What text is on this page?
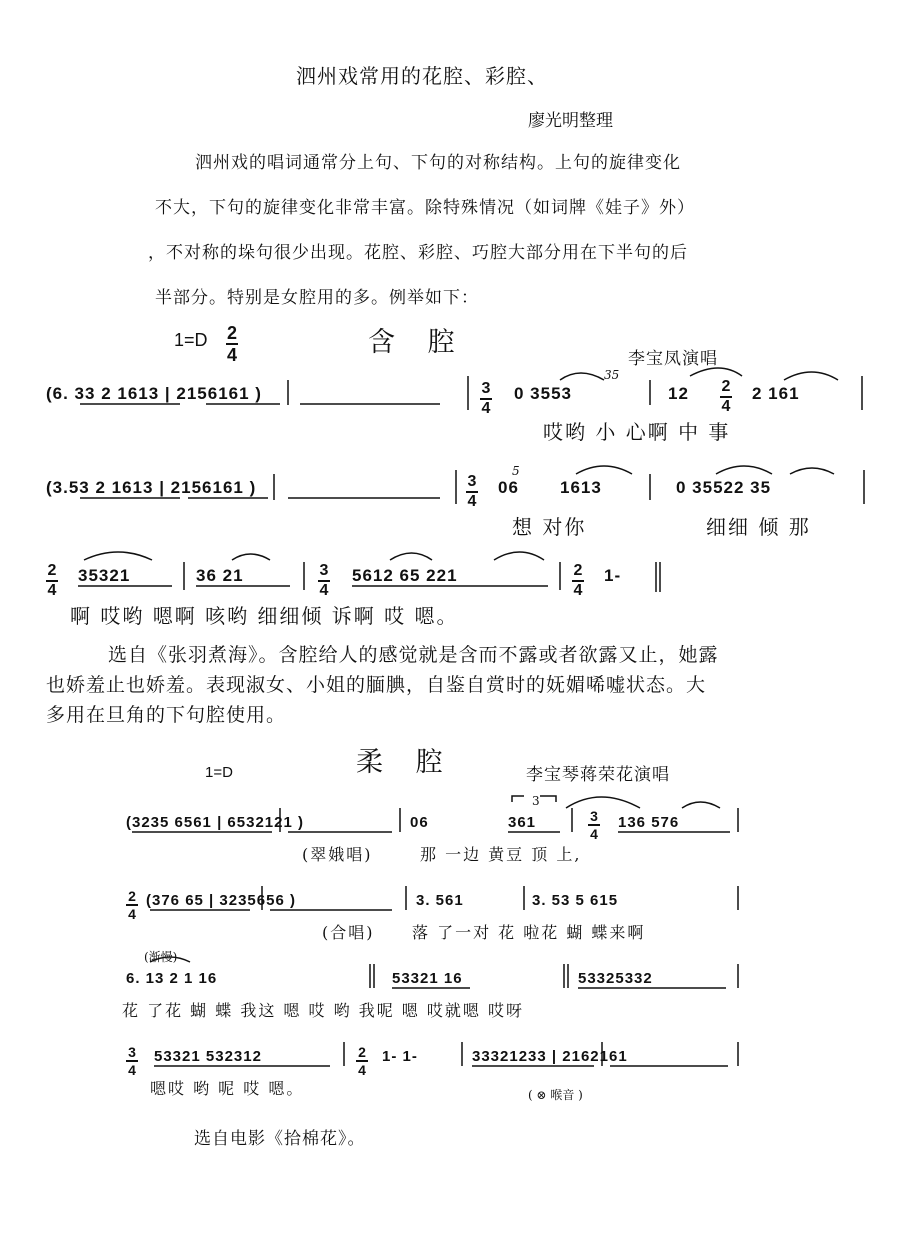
泗州戏常用的花腔、彩腔、
廖光明整理
泗州戏的唱词通常分上句、下句的对称结构。上句的旋律变化
不大，下句的旋律变化非常丰富。除特殊情况（如词牌《娃子》外）
，不对称的垛句很少出现。花腔、彩腔、巧腔大部分用在下半句的后
半部分。特别是女腔用的多。例举如下：
$1=D \frac{2}{4}$	含 腔
李宝凤演唱
(6. 33 2 1613 | 2156161 )	$\frac{3}{4} 0$ 3553
35
$12 \frac{2}{4} 2$ 161
哎哟 小 心啊 中 事
(3.53 2 1613 | 2156161 )	$\frac{3}{4} 06$
5
1613	0 35522 35
想 对你	细细 倾 那
$\frac{2}{4} 35321$	36 21	$\frac{3}{4} 5612$ 65 221	$\frac{2}{4} 1-$
啊 哎哟 嗯啊 咳哟 细细倾 诉啊 哎 嗯。
选自《张羽煮海》。含腔给人的感觉就是含而不露或者欲露又止，她露
也娇羞止也娇羞。表现淑女、小姐的腼腆，自鉴自赏时的妩媚唏嘘状态。大
多用在旦角的下句腔使用。
柔 腔
1=D	李宝琴蒋荣花演唱
(3235 6561 | 6532121 )	06
3
361	$\frac{3}{4} 136$ 576
(翠娥唱)	那 一边 黄豆 顶 上,
$\frac{2}{4} (376$ 65 | 3235656 )	3. 561	3. 53 5 615
(合唱) 落 了一对 花 啦花 蝴 蝶来啊
(渐慢)
6. 13 2 1 16	53321 16	53325332
花 了花 蝴 蝶 我这 嗯 哎 哟 我呢 嗯 哎就嗯 哎呀
$\frac{3}{4} 53321$ 532312	$\frac{2}{4} 1-$ 1-	33321233 | 2162161
嗯哎 哟 呢 哎 嗯。	( ⊗ 喉音 )
选自电影《拾棉花》。
